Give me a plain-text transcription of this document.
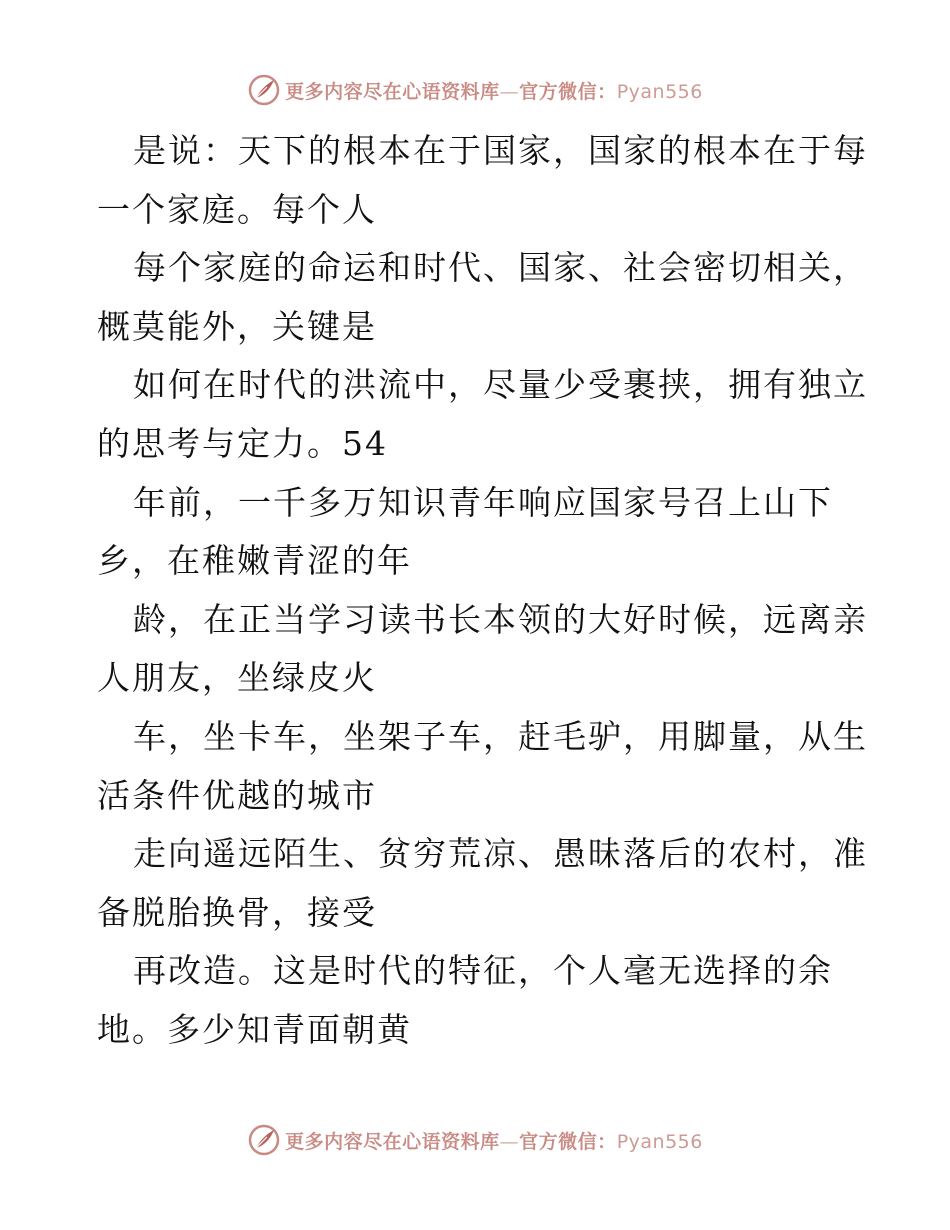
更多内容尽在心语资料库—官方微信：Pyan556
是说：天下的根本在于国家，国家的根本在于每
一个家庭。每个人
每个家庭的命运和时代、国家、社会密切相关，
概莫能外，关键是
如何在时代的洪流中，尽量少受裹挟，拥有独立
的思考与定力。54
年前，一千多万知识青年响应国家号召上山下
乡，在稚嫩青涩的年
龄，在正当学习读书长本领的大好时候，远离亲
人朋友，坐绿皮火
车，坐卡车，坐架子车，赶毛驴，用脚量，从生
活条件优越的城市
走向遥远陌生、贫穷荒凉、愚昧落后的农村，准
备脱胎换骨，接受
再改造。这是时代的特征，个人毫无选择的余
地。多少知青面朝黄
更多内容尽在心语资料库—官方微信：Pyan556
